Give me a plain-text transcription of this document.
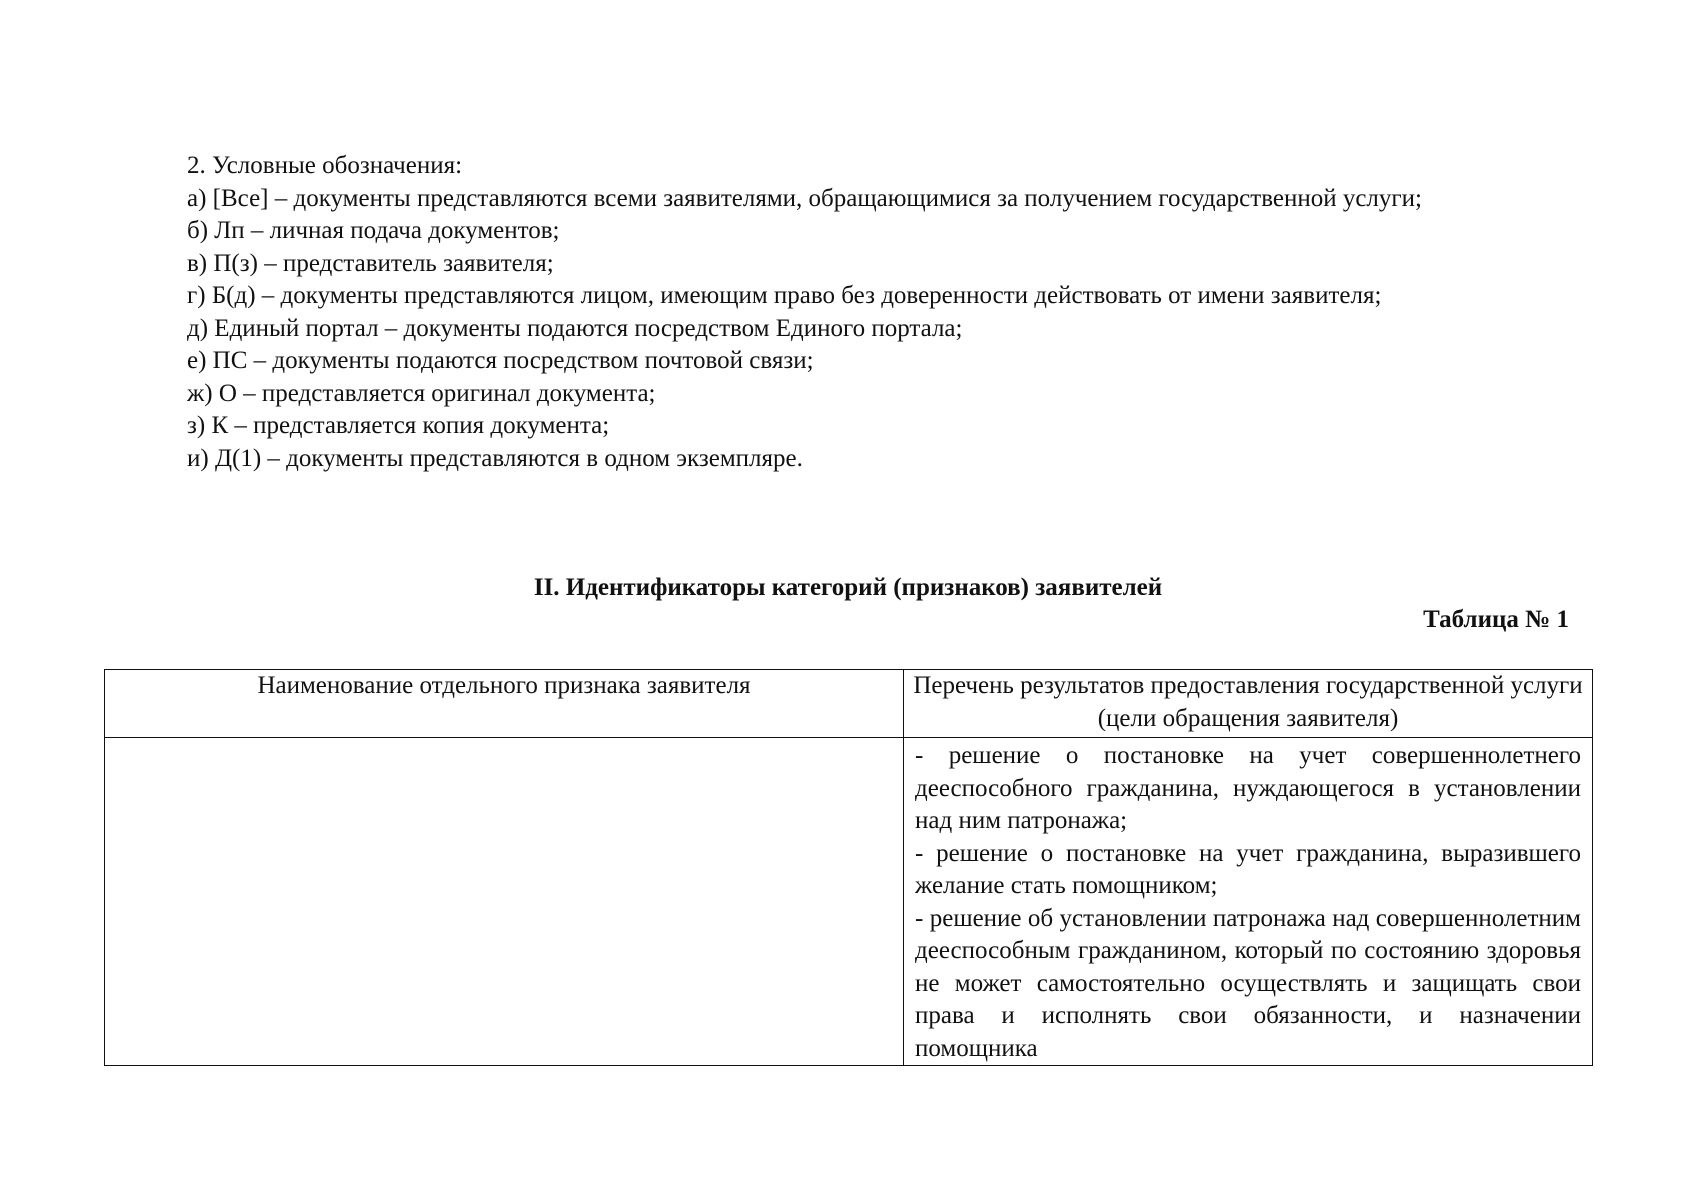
2. Условные обозначения:

а) [Все] – документы представляются всеми заявителями, обращающимися за получением государственной услуги;

б) Лп – личная подача документов;

в) П(з) – представитель заявителя;

г) Б(д) – документы представляются лицом, имеющим право без доверенности действовать от имени заявителя;

д) Единый портал – документы подаются посредством Единого портала;

е) ПС – документы подаются посредством почтовой связи;

ж) О – представляется оригинал документа;

з) К – представляется копия документа;

и) Д(1) – документы представляются в одном экземпляре.

II. Идентификаторы категорий (признаков) заявителей

Таблица № 1

Наименование отдельного признака заявителя	Перечень результатов предоставления государственной услуги (цели обращения заявителя)

	- решение о постановке на учет совершеннолетнего дееспособного гражданина, нуждающегося в установлении над ним патронажа;

- решение о постановке на учет гражданина, выразившего желание стать помощником;

- решение об установлении патронажа над совершеннолетним дееспособным гражданином, который по состоянию здоровья не может самостоятельно осуществлять и защищать свои права и исполнять свои обязанности, и назначении помощника
